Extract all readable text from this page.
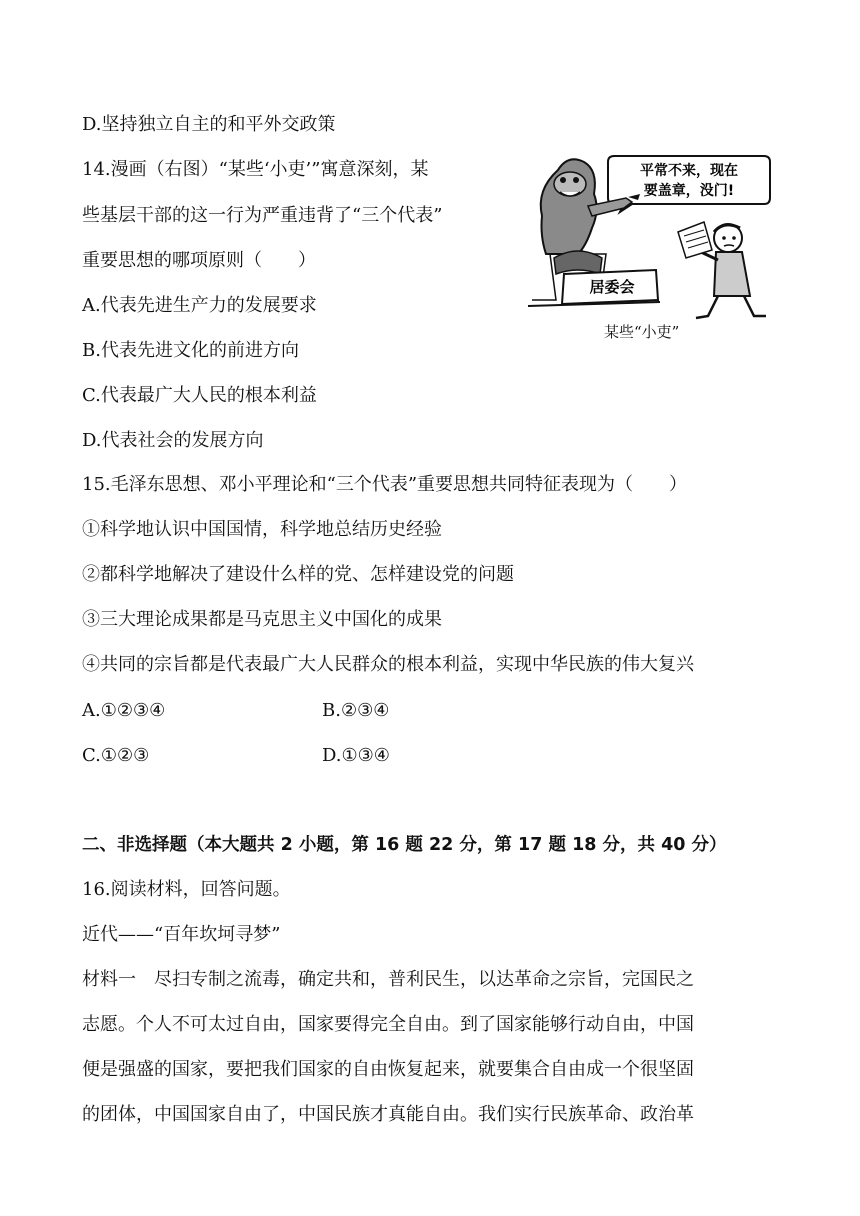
D.坚持独立自主的和平外交政策
14.漫画（右图）“某些‘小吏’”寓意深刻，某
些基层干部的这一行为严重违背了“三个代表”
重要思想的哪项原则（　　）
A.代表先进生产力的发展要求
B.代表先进文化的前进方向
C.代表最广大人民的根本利益
D.代表社会的发展方向
15.毛泽东思想、邓小平理论和“三个代表”重要思想共同特征表现为（　　）
①科学地认识中国国情，科学地总结历史经验
②都科学地解决了建设什么样的党、怎样建设党的问题
③三大理论成果都是马克思主义中国化的成果
④共同的宗旨都是代表最广大人民群众的根本利益，实现中华民族的伟大复兴
A.①②③④	B.②③④
C.①②③	D.①③④
二、非选择题（本大题共 2 小题，第 16 题 22 分，第 17 题 18 分，共 40 分）
16.阅读材料，回答问题。
近代——“百年坎坷寻梦”
材料一　尽扫专制之流毒，确定共和，普利民生，以达革命之宗旨，完国民之
志愿。个人不可太过自由，国家要得完全自由。到了国家能够行动自由，中国
便是强盛的国家，要把我们国家的自由恢复起来，就要集合自由成一个很坚固
的团体，中国国家自由了，中国民族才真能自由。我们实行民族革命、政治革
平常不来，现在
要盖章，没门!
居委会
某些“小吏”
